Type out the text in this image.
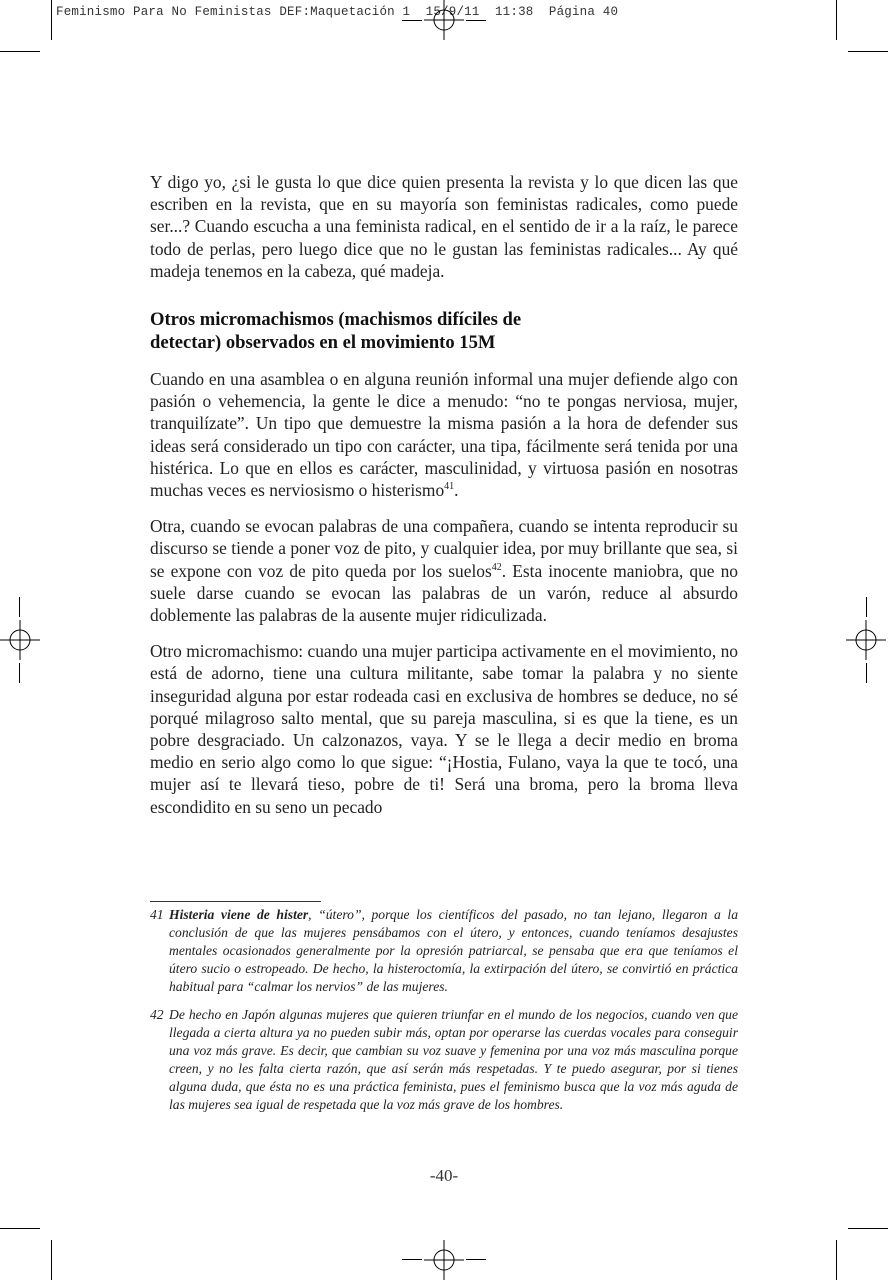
Feminismo Para No Feministas DEF:Maquetación 1  15/9/11  11:38  Página 40

Y digo yo, ¿si le gusta lo que dice quien presenta la revista y lo que dicen las que escriben en la revista, que en su mayoría son feministas radicales, como puede ser...? Cuando escucha a una feminista radical, en el sentido de ir a la raíz, le parece todo de perlas, pero luego dice que no le gustan las feministas radicales... Ay qué madeja tenemos en la cabeza, qué madeja.

Otros micromachismos (machismos difíciles de
detectar) observados en el movimiento 15M

Cuando en una asamblea o en alguna reunión informal una mujer defiende algo con pasión o vehemencia, la gente le dice a menudo: “no te pongas nerviosa, mujer, tranquilízate”. Un tipo que demuestre la misma pasión a la hora de defender sus ideas será considerado un tipo con carácter, una tipa, fácilmente será tenida por una histérica. Lo que en ellos es carácter, masculinidad, y virtuosa pasión en nosotras muchas veces es nerviosismo o histerismo$^{41}$.

Otra, cuando se evocan palabras de una compañera, cuando se intenta reproducir su discurso se tiende a poner voz de pito, y cualquier idea, por muy brillante que sea, si se expone con voz de pito queda por los suelos$^{42}$. Esta inocente maniobra, que no suele darse cuando se evocan las palabras de un varón, reduce al absurdo doblemente las palabras de la ausente mujer ridiculizada.

Otro micromachismo: cuando una mujer participa activamente en el movimiento, no está de adorno, tiene una cultura militante, sabe tomar la palabra y no siente inseguridad alguna por estar rodeada casi en exclusiva de hombres se deduce, no sé porqué milagroso salto mental, que su pareja masculina, si es que la tiene, es un pobre desgraciado. Un calzonazos, vaya. Y se le llega a decir medio en broma medio en serio algo como lo que sigue: “¡Hostia, Fulano, vaya la que te tocó, una mujer así te llevará tieso, pobre de ti! Será una broma, pero la broma lleva escondidito en su seno un pecado

41 Histeria viene de hister, “útero”, porque los científicos del pasado, no tan lejano, llegaron a la conclusión de que las mujeres pensábamos con el útero, y entonces, cuando teníamos desajustes mentales ocasionados generalmente por la opresión patriarcal, se pensaba que era que teníamos el útero sucio o estropeado. De hecho, la histeroctomía, la extirpación del útero, se convirtió en práctica habitual para “calmar los nervios” de las mujeres.

42 De hecho en Japón algunas mujeres que quieren triunfar en el mundo de los negocios, cuando ven que llegada a cierta altura ya no pueden subir más, optan por operarse las cuerdas vocales para conseguir una voz más grave. Es decir, que cambian su voz suave y femenina por una voz más masculina porque creen, y no les falta cierta razón, que así serán más respetadas. Y te puedo asegurar, por si tienes alguna duda, que ésta no es una práctica feminista, pues el feminismo busca que la voz más aguda de las mujeres sea igual de respetada que la voz más grave de los hombres.

-40-
